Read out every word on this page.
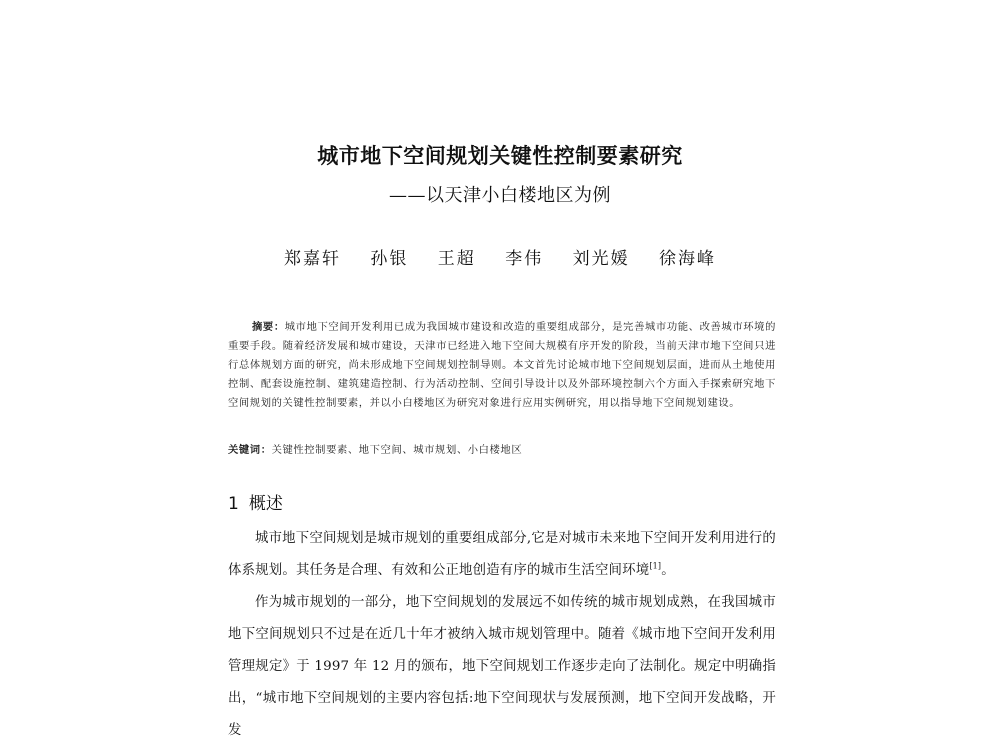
城市地下空间规划关键性控制要素研究
——以天津小白楼地区为例
郑嘉轩 孙银 王超 李伟 刘光媛 徐海峰
摘要：城市地下空间开发利用已成为我国城市建设和改造的重要组成部分，是完善城市功能、改善城市环境的重要手段。随着经济发展和城市建设，天津市已经进入地下空间大规模有序开发的阶段，当前天津市地下空间只进行总体规划方面的研究，尚未形成地下空间规划控制导则。本文首先讨论城市地下空间规划层面，进而从土地使用控制、配套设施控制、建筑建造控制、行为活动控制、空间引导设计以及外部环境控制六个方面入手探索研究地下空间规划的关键性控制要素，并以小白楼地区为研究对象进行应用实例研究，用以指导地下空间规划建设。
关键词：关键性控制要素、地下空间、城市规划、小白楼地区
1 概述

城市地下空间规划是城市规划的重要组成部分,它是对城市未来地下空间开发利用进行的体系规划。其任务是合理、有效和公正地创造有序的城市生活空间环境[1]。

作为城市规划的一部分，地下空间规划的发展远不如传统的城市规划成熟，在我国城市地下空间规划只不过是在近几十年才被纳入城市规划管理中。随着《城市地下空间开发利用管理规定》于 1997 年 12 月的颁布，地下空间规划工作逐步走向了法制化。规定中明确指出，“城市地下空间规划的主要内容包括:地下空间现状与发展预测，地下空间开发战略，开发
